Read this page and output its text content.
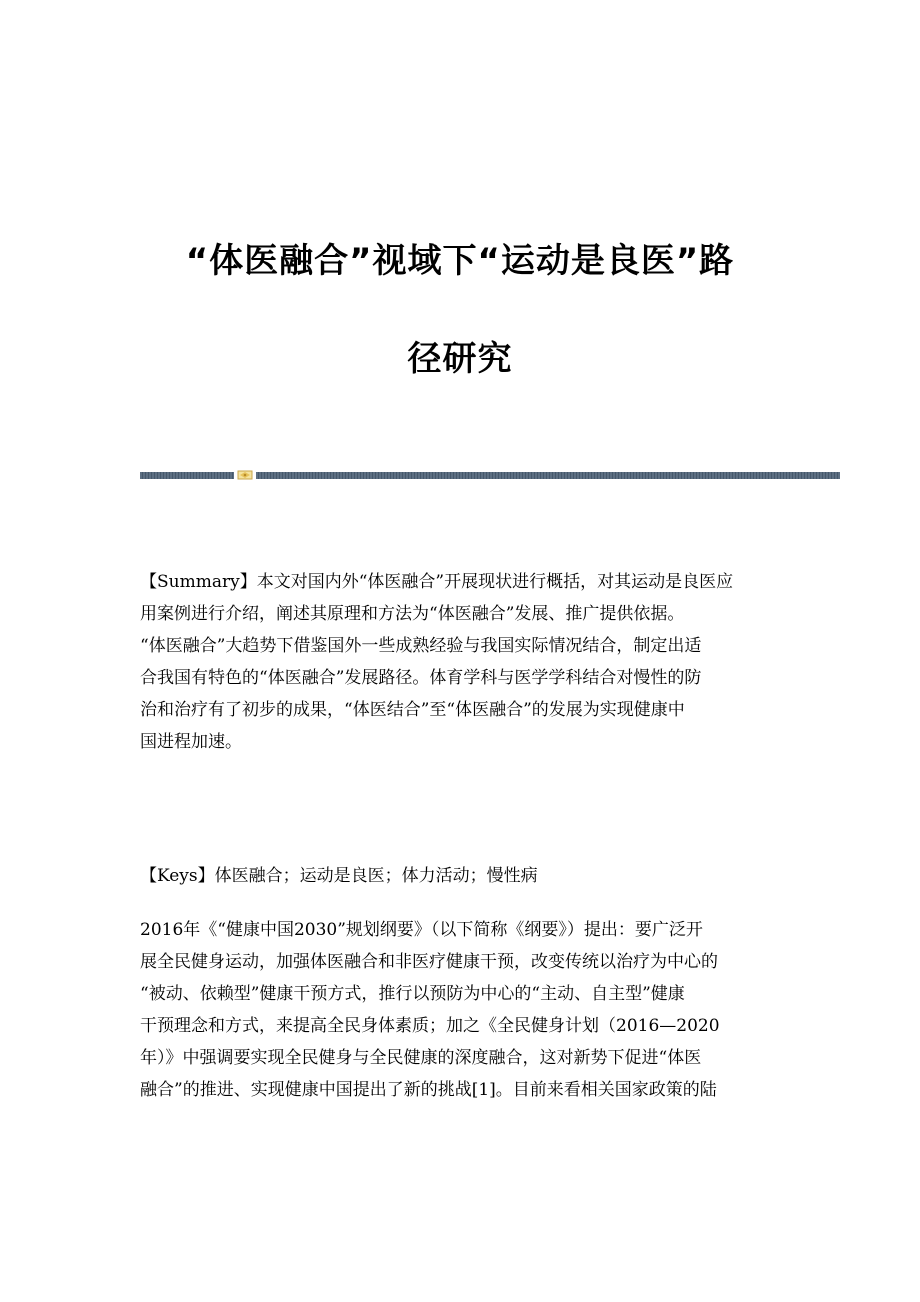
“体医融合”视域下“运动是良医”路
径研究
【Summary】本文对国内外“体医融合”开展现状进行概括，对其运动是良医应
用案例进行介绍，阐述其原理和方法为“体医融合”发展、推广提供依据。
“体医融合”大趋势下借鉴国外一些成熟经验与我国实际情况结合，制定出适
合我国有特色的“体医融合”发展路径。体育学科与医学学科结合对慢性的防
治和治疗有了初步的成果，“体医结合”至“体医融合”的发展为实现健康中
国进程加速。
【Keys】体医融合；运动是良医；体力活动；慢性病
2016年《“健康中国2030”规划纲要》（以下简称《纲要》）提出：要广泛开
展全民健身运动，加强体医融合和非医疗健康干预，改变传统以治疗为中心的
“被动、依赖型”健康干预方式，推行以预防为中心的“主动、自主型”健康
干预理念和方式，来提高全民身体素质；加之《全民健身计划（2016—2020
年）》中强调要实现全民健身与全民健康的深度融合，这对新势下促进“体医
融合”的推进、实现健康中国提出了新的挑战[1]。目前来看相关国家政策的陆
